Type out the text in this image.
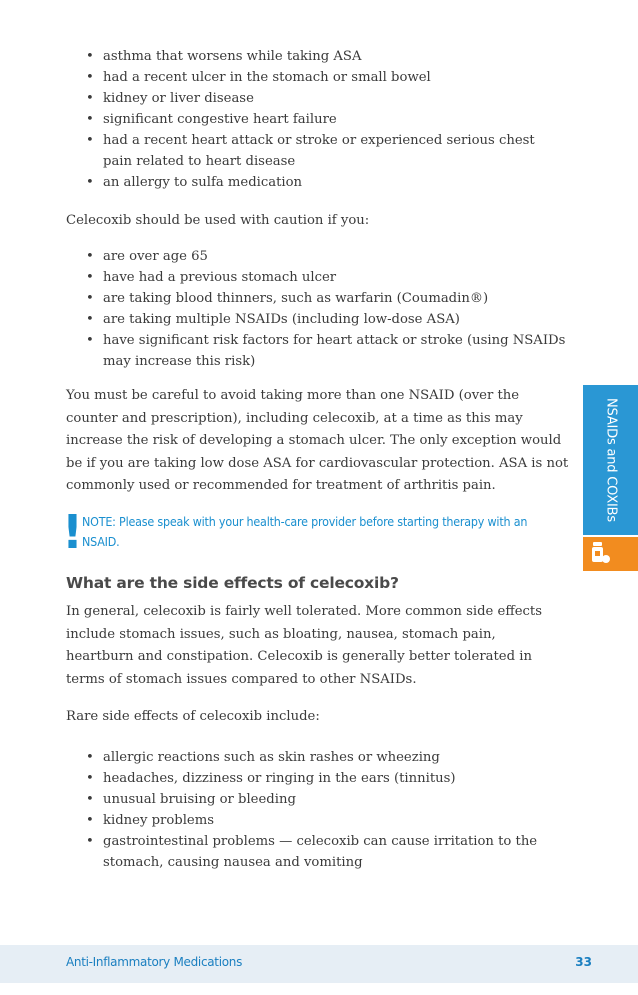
• asthma that worsens while taking ASA
• had a recent ulcer in the stomach or small bowel
• kidney or liver disease
• significant congestive heart failure
• had a recent heart attack or stroke or experienced serious chest pain related to heart disease
• an allergy to sulfa medication

Celecoxib should be used with caution if you:

• are over age 65
• have had a previous stomach ulcer
• are taking blood thinners, such as warfarin (Coumadin®)
• are taking multiple NSAIDs (including low-dose ASA)
• have significant risk factors for heart attack or stroke (using NSAIDs may increase this risk)

You must be careful to avoid taking more than one NSAID (over the counter and prescription), including celecoxib, at a time as this may increase the risk of developing a stomach ulcer. The only exception would be if you are taking low dose ASA for cardiovascular protection. ASA is not commonly used or recommended for treatment of arthritis pain.

! NOTE: Please speak with your health-care provider before starting therapy with an NSAID.
What are the side effects of celecoxib?

In general, celecoxib is fairly well tolerated. More common side effects include stomach issues, such as bloating, nausea, stomach pain, heartburn and constipation. Celecoxib is generally better tolerated in terms of stomach issues compared to other NSAIDs.

Rare side effects of celecoxib include:

• allergic reactions such as skin rashes or wheezing
• headaches, dizziness or ringing in the ears (tinnitus)
• unusual bruising or bleeding
• kidney problems
• gastrointestinal problems — celecoxib can cause irritation to the stomach, causing nausea and vomiting
NSAIDs and COXIBs
Anti-Inflammatory Medications	33
